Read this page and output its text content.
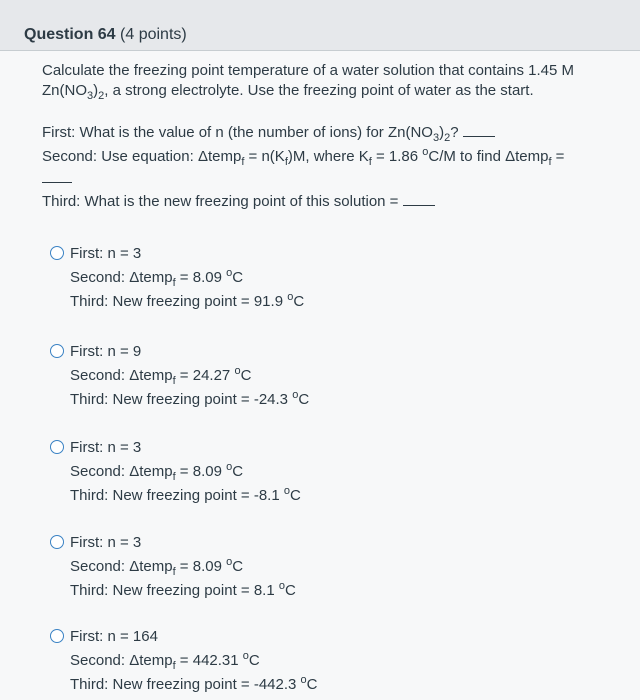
Question 64 (4 points)
Calculate the freezing point temperature of a water solution that contains 1.45 M
$Zn(NO_3)_2$, a strong electrolyte. Use the freezing point of water as the start.
First: What is the value of n (the number of ions) for $Zn(NO_3)_2$?
Second: Use equation: Δtemp$_f$ = $n(K_f)M$, where $K_f = 1.86$ $^o$C/M to find Δtemp$_f$ =
Third: What is the new freezing point of this solution =
First: n = 3
Second: Δtemp$_f$ = 8.09 $^o$C
Third: New freezing point = 91.9 $^o$C
First: n = 9
Second: Δtemp$_f$ = 24.27 $^o$C
Third: New freezing point = -24.3 $^o$C
First: n = 3
Second: Δtemp$_f$ = 8.09 $^o$C
Third: New freezing point = -8.1 $^o$C
First: n = 3
Second: Δtemp$_f$ = 8.09 $^o$C
Third: New freezing point = 8.1 $^o$C
First: n = 164
Second: Δtemp$_f$ = 442.31 $^o$C
Third: New freezing point = -442.3 $^o$C
